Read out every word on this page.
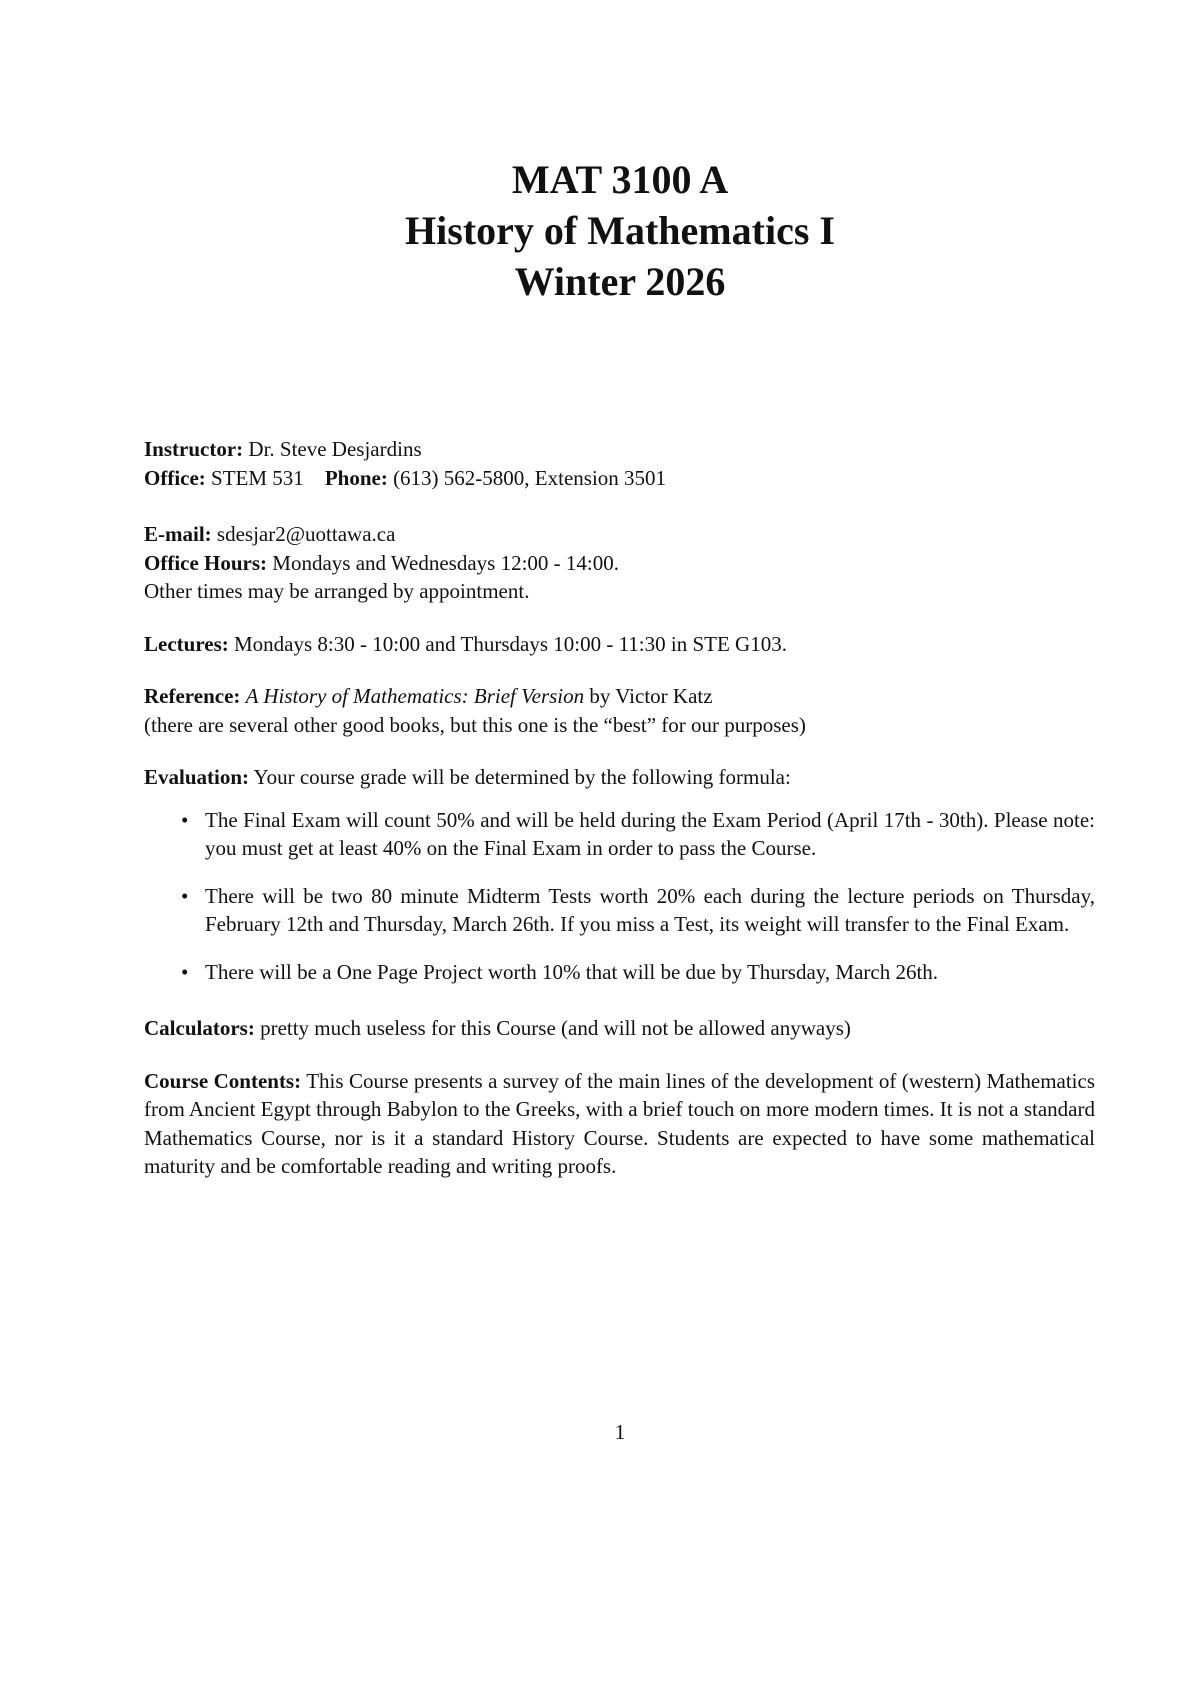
MAT 3100 A
History of Mathematics I
Winter 2026

Instructor: Dr. Steve Desjardins

Office: STEM 531 Phone: (613) 562-5800, Extension 3501

E-mail: sdesjar2@uottawa.ca

Office Hours: Mondays and Wednesdays 12:00 - 14:00.

Other times may be arranged by appointment.

Lectures: Mondays 8:30 - 10:00 and Thursdays 10:00 - 11:30 in STE G103.

Reference: A History of Mathematics: Brief Version by Victor Katz

(there are several other good books, but this one is the “best” for our purposes)

Evaluation: Your course grade will be determined by the following formula:

• The Final Exam will count 50% and will be held during the Exam Period (April 17th - 30th). Please note: you must get at least 40% on the Final Exam in order to pass the Course.
• There will be two 80 minute Midterm Tests worth 20% each during the lecture periods on Thursday, February 12th and Thursday, March 26th. If you miss a Test, its weight will transfer to the Final Exam.
• There will be a One Page Project worth 10% that will be due by Thursday, March 26th.

Calculators: pretty much useless for this Course (and will not be allowed anyways)

Course Contents: This Course presents a survey of the main lines of the development of (western) Mathematics from Ancient Egypt through Babylon to the Greeks, with a brief touch on more modern times. It is not a standard Mathematics Course, nor is it a standard History Course. Students are expected to have some mathematical maturity and be comfortable reading and writing proofs.

1
